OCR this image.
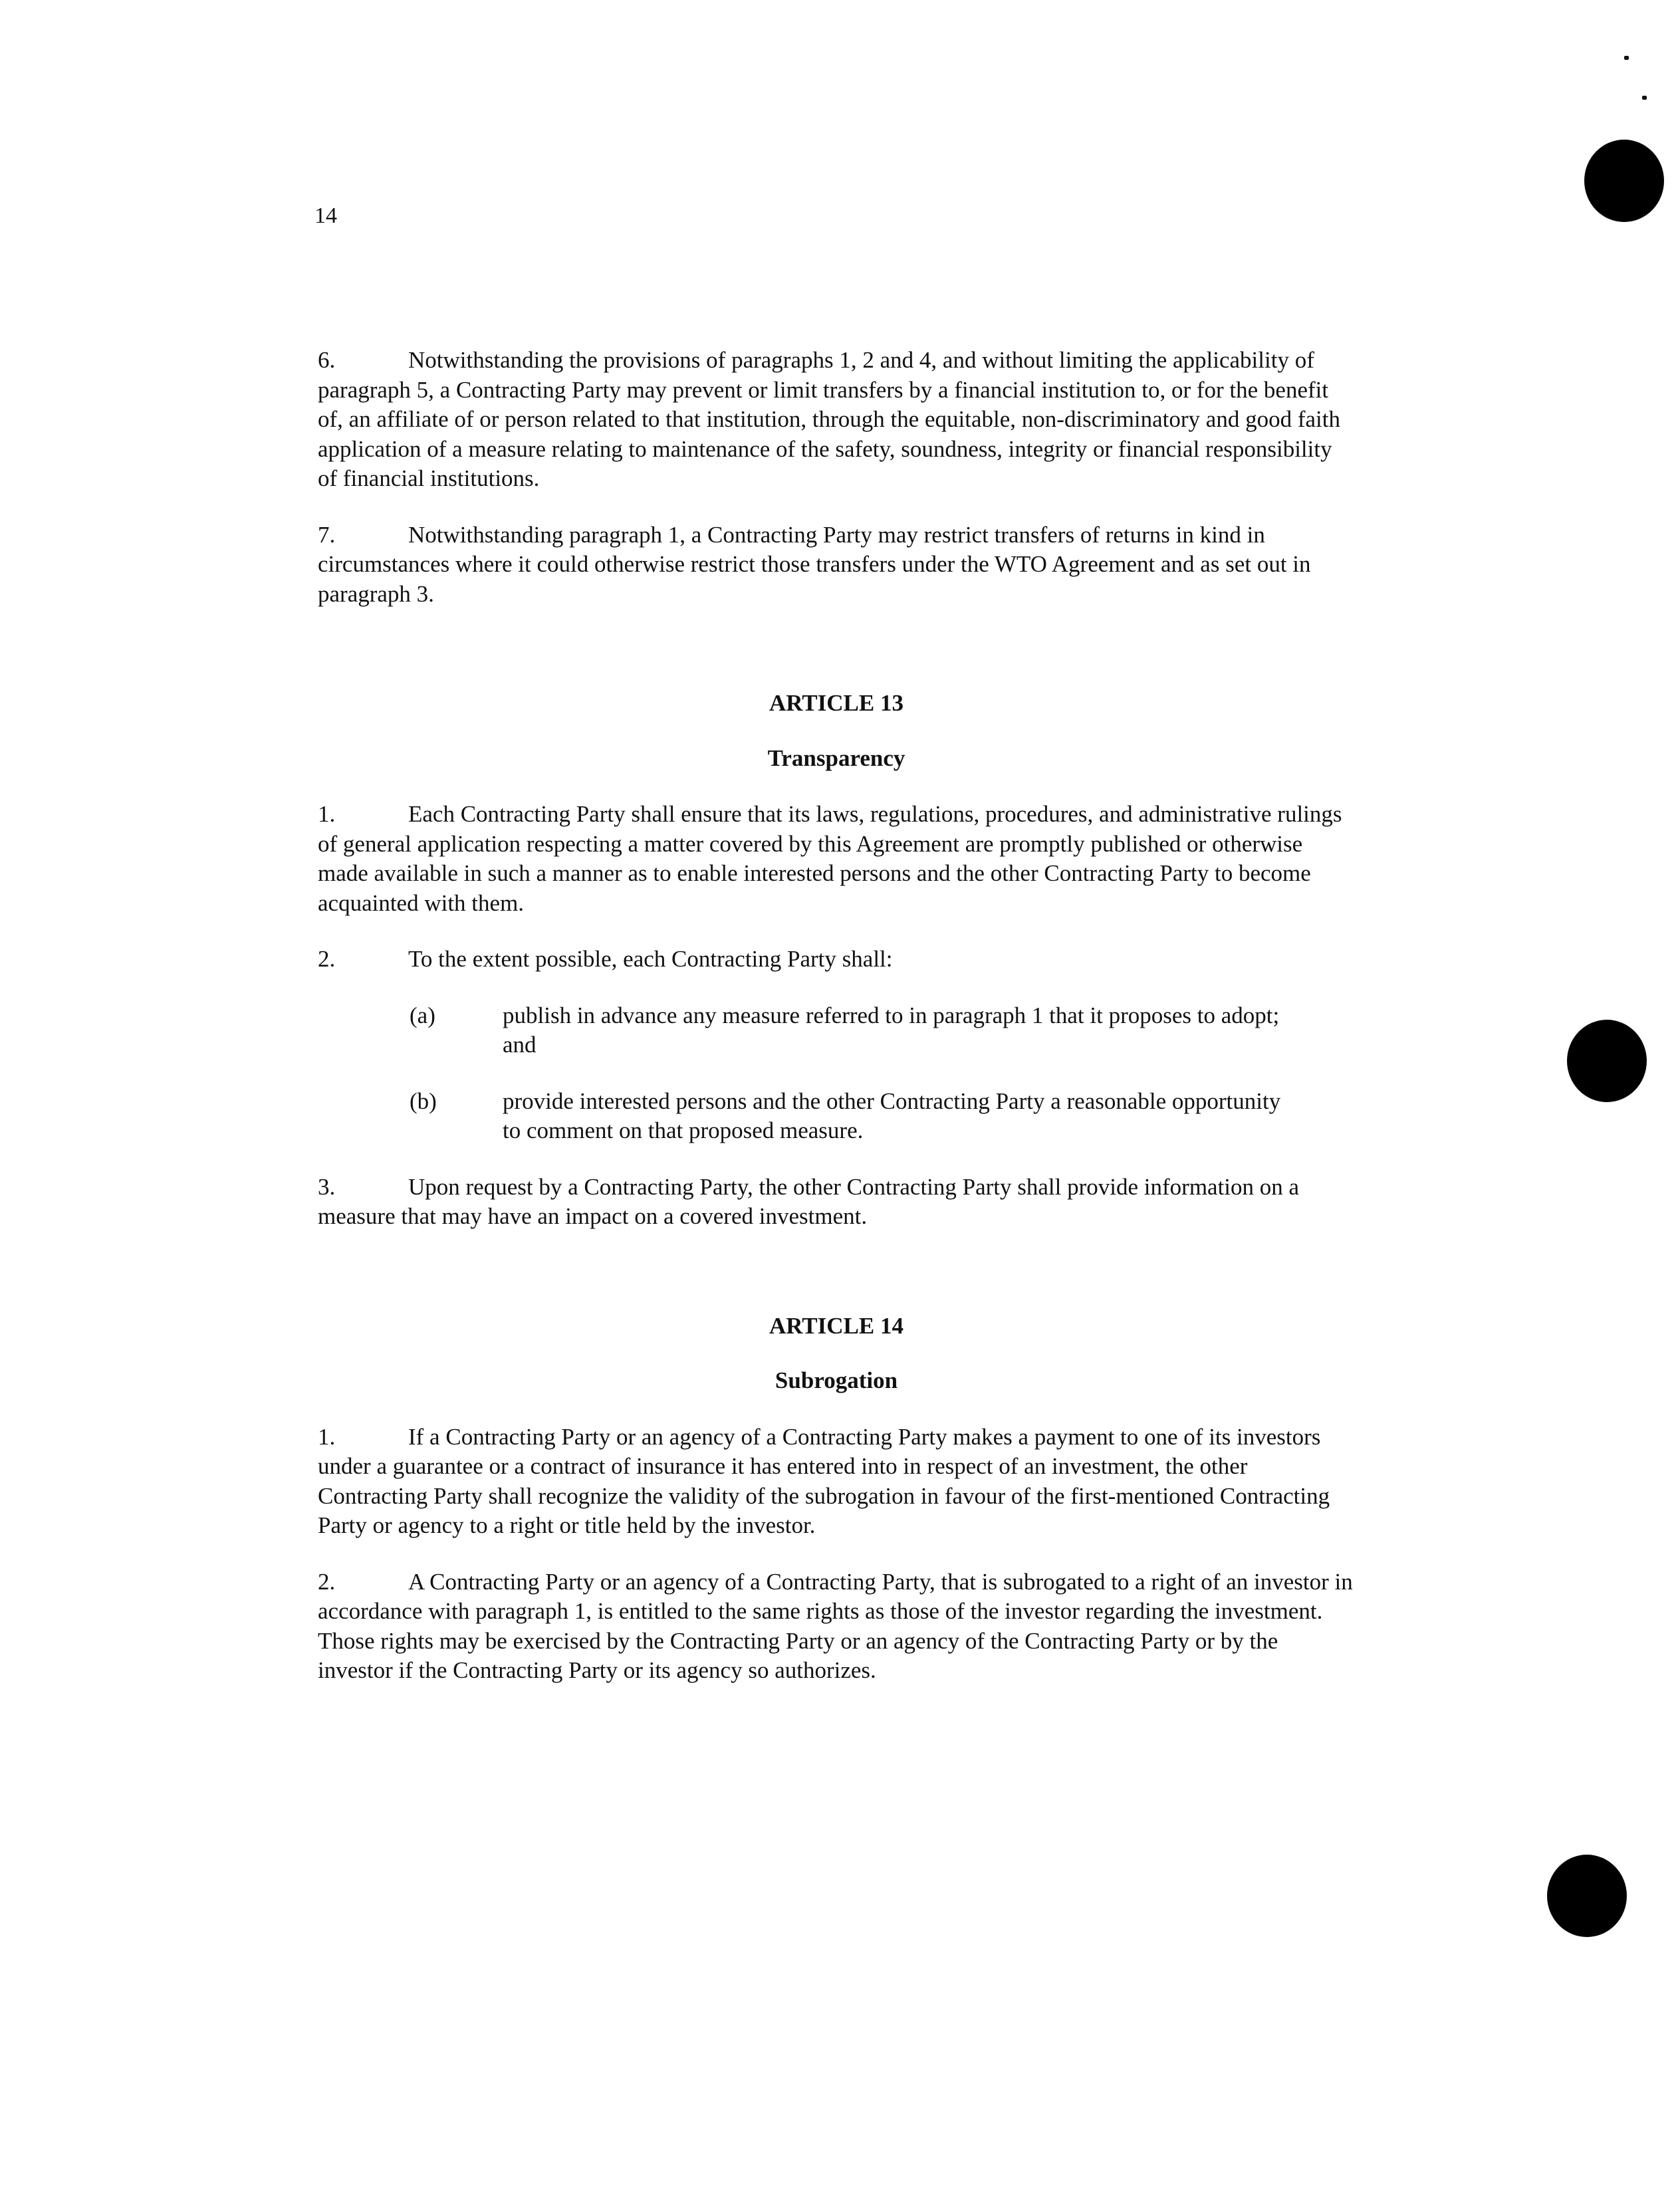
14

6.	Notwithstanding the provisions of paragraphs 1, 2 and 4, and without limiting the applicability of paragraph 5, a Contracting Party may prevent or limit transfers by a financial institution to, or for the benefit of, an affiliate of or person related to that institution, through the equitable, non-discriminatory and good faith application of a measure relating to maintenance of the safety, soundness, integrity or financial responsibility of financial institutions.

7.	Notwithstanding paragraph 1, a Contracting Party may restrict transfers of returns in kind in circumstances where it could otherwise restrict those transfers under the WTO Agreement and as set out in paragraph 3.

ARTICLE 13
Transparency

1.	Each Contracting Party shall ensure that its laws, regulations, procedures, and administrative rulings of general application respecting a matter covered by this Agreement are promptly published or otherwise made available in such a manner as to enable interested persons and the other Contracting Party to become acquainted with them.

2.	To the extent possible, each Contracting Party shall:

(a)	publish in advance any measure referred to in paragraph 1 that it proposes to adopt; and
(b)	provide interested persons and the other Contracting Party a reasonable opportunity to comment on that proposed measure.

3.	Upon request by a Contracting Party, the other Contracting Party shall provide information on a measure that may have an impact on a covered investment.

ARTICLE 14
Subrogation

1.	If a Contracting Party or an agency of a Contracting Party makes a payment to one of its investors under a guarantee or a contract of insurance it has entered into in respect of an investment, the other Contracting Party shall recognize the validity of the subrogation in favour of the first-mentioned Contracting Party or agency to a right or title held by the investor.

2.	A Contracting Party or an agency of a Contracting Party, that is subrogated to a right of an investor in accordance with paragraph 1, is entitled to the same rights as those of the investor regarding the investment. Those rights may be exercised by the Contracting Party or an agency of the Contracting Party or by the investor if the Contracting Party or its agency so authorizes.
